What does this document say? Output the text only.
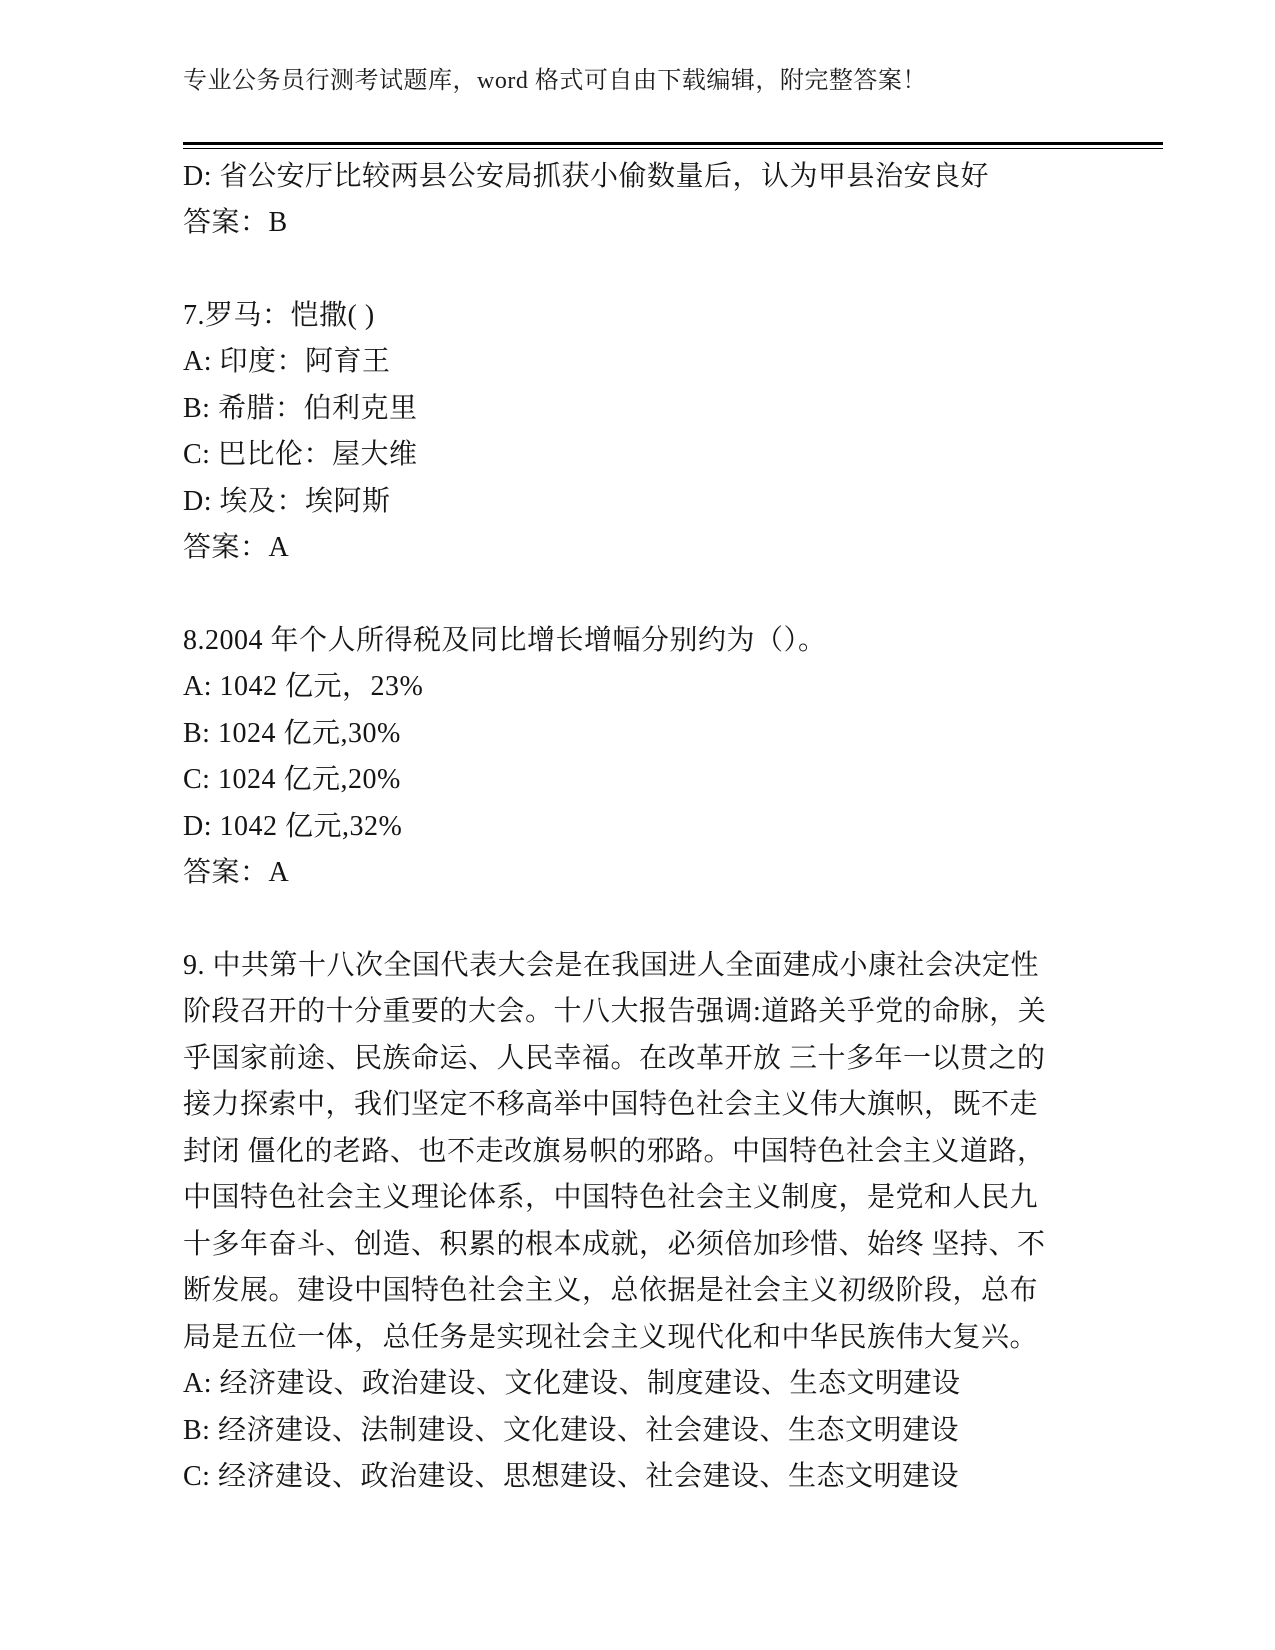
专业公务员行测考试题库，word 格式可自由下载编辑，附完整答案！
D: 省公安厅比较两县公安局抓获小偷数量后，认为甲县治安良好
答案：B
7.罗马：恺撒( )
A: 印度：阿育王
B: 希腊：伯利克里
C: 巴比伦：屋大维
D: 埃及：埃阿斯
答案：A
8.2004 年个人所得税及同比增长增幅分别约为（）。
A: 1042 亿元，23%
B: 1024 亿元,30%
C: 1024 亿元,20%
D: 1042 亿元,32%
答案：A
9. 中共第十八次全国代表大会是在我国进人全面建成小康社会决定性
阶段召开的十分重要的大会。十八大报告强调:道路关乎党的命脉，关
乎国家前途、民族命运、人民幸福。在改革开放 三十多年一以贯之的
接力探索中，我们坚定不移高举中国特色社会主义伟大旗帜，既不走
封闭 僵化的老路、也不走改旗易帜的邪路。中国特色社会主义道路，
中国特色社会主义理论体系，中国特色社会主义制度，是党和人民九
十多年奋斗、创造、积累的根本成就，必须倍加珍惜、始终 坚持、不
断发展。建设中国特色社会主义，总依据是社会主义初级阶段，总布
局是五位一体，总任务是实现社会主义现代化和中华民族伟大复兴。
A: 经济建设、政治建设、文化建设、制度建设、生态文明建设
B: 经济建设、法制建设、文化建设、社会建设、生态文明建设
C: 经济建设、政治建设、思想建设、社会建设、生态文明建设
